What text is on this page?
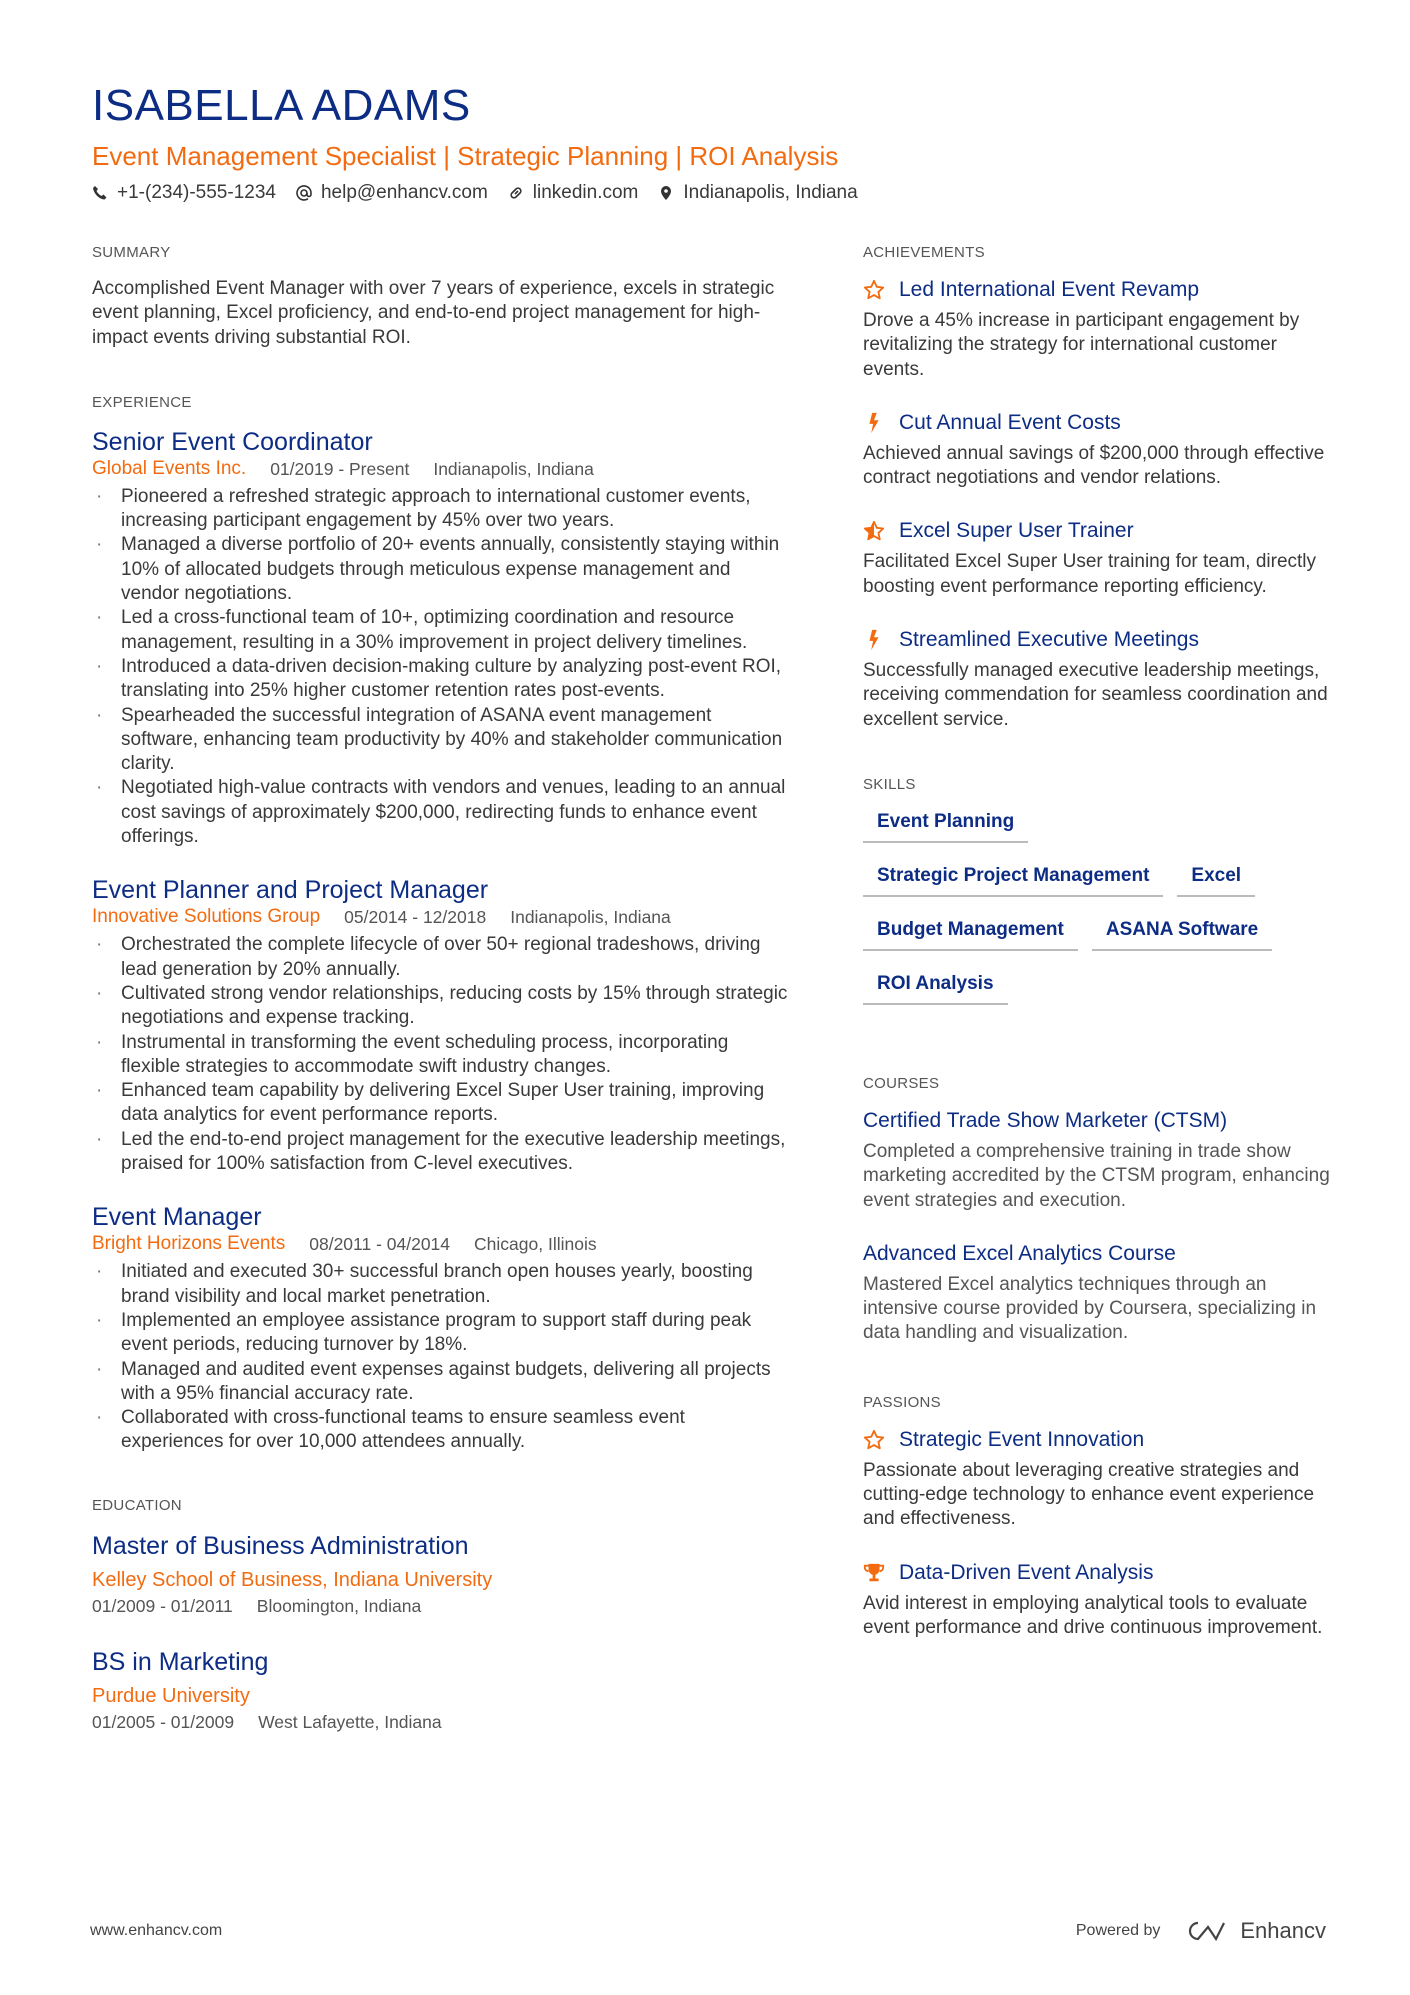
ISABELLA ADAMS
Event Management Specialist | Strategic Planning | ROI Analysis
+1-(234)-555-1234 help@enhancv.com linkedin.com Indianapolis, Indiana
SUMMARY
Accomplished Event Manager with over 7 years of experience, excels in strategic event planning, Excel proficiency, and end-to-end project management for high-impact events driving substantial ROI.
EXPERIENCE
Senior Event Coordinator
Global Events Inc. 01/2019 - Present Indianapolis, Indiana
· Pioneered a refreshed strategic approach to international customer events, increasing participant engagement by 45% over two years.
· Managed a diverse portfolio of 20+ events annually, consistently staying within 10% of allocated budgets through meticulous expense management and vendor negotiations.
· Led a cross-functional team of 10+, optimizing coordination and resource management, resulting in a 30% improvement in project delivery timelines.
· Introduced a data-driven decision-making culture by analyzing post-event ROI, translating into 25% higher customer retention rates post-events.
· Spearheaded the successful integration of ASANA event management software, enhancing team productivity by 40% and stakeholder communication clarity.
· Negotiated high-value contracts with vendors and venues, leading to an annual cost savings of approximately $200,000, redirecting funds to enhance event offerings.
Event Planner and Project Manager
Innovative Solutions Group 05/2014 - 12/2018 Indianapolis, Indiana
· Orchestrated the complete lifecycle of over 50+ regional tradeshows, driving lead generation by 20% annually.
· Cultivated strong vendor relationships, reducing costs by 15% through strategic negotiations and expense tracking.
· Instrumental in transforming the event scheduling process, incorporating flexible strategies to accommodate swift industry changes.
· Enhanced team capability by delivering Excel Super User training, improving data analytics for event performance reports.
· Led the end-to-end project management for the executive leadership meetings, praised for 100% satisfaction from C-level executives.
Event Manager
Bright Horizons Events 08/2011 - 04/2014 Chicago, Illinois
· Initiated and executed 30+ successful branch open houses yearly, boosting brand visibility and local market penetration.
· Implemented an employee assistance program to support staff during peak event periods, reducing turnover by 18%.
· Managed and audited event expenses against budgets, delivering all projects with a 95% financial accuracy rate.
· Collaborated with cross-functional teams to ensure seamless event experiences for over 10,000 attendees annually.
EDUCATION
Master of Business Administration
Kelley School of Business, Indiana University
01/2009 - 01/2011 Bloomington, Indiana
BS in Marketing
Purdue University
01/2005 - 01/2009 West Lafayette, Indiana
ACHIEVEMENTS
Led International Event Revamp
Drove a 45% increase in participant engagement by revitalizing the strategy for international customer events.
Cut Annual Event Costs
Achieved annual savings of $200,000 through effective contract negotiations and vendor relations.
Excel Super User Trainer
Facilitated Excel Super User training for team, directly boosting event performance reporting efficiency.
Streamlined Executive Meetings
Successfully managed executive leadership meetings, receiving commendation for seamless coordination and excellent service.
SKILLS
Event Planning
Strategic Project Management	Excel
Budget Management	ASANA Software
ROI Analysis
COURSES
Certified Trade Show Marketer (CTSM)
Completed a comprehensive training in trade show marketing accredited by the CTSM program, enhancing event strategies and execution.
Advanced Excel Analytics Course
Mastered Excel analytics techniques through an intensive course provided by Coursera, specializing in data handling and visualization.
PASSIONS
Strategic Event Innovation
Passionate about leveraging creative strategies and cutting-edge technology to enhance event experience and effectiveness.
Data-Driven Event Analysis
Avid interest in employing analytical tools to evaluate event performance and drive continuous improvement.
www.enhancv.com	Powered by	Enhancv
